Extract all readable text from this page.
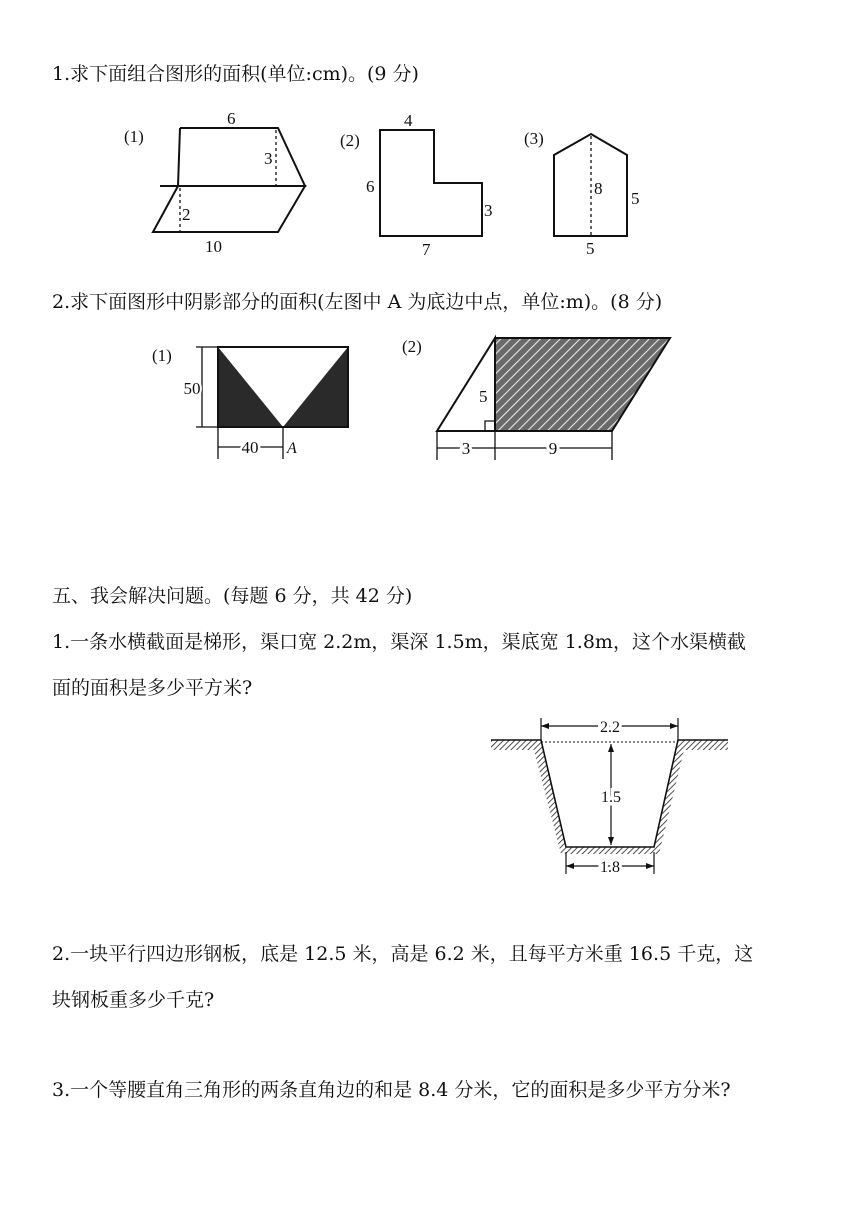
1.求下面组合图形的面积(单位:cm)。(9 分)
(1)
6
3
2
10
(2)
4
6
3
7
(3)
8
5
5
2.求下面图形中阴影部分的面积(左图中 A 为底边中点，单位:m)。(8 分)
(1)
50
40 A
(2)
5
3	9
五、我会解决问题。(每题 6 分，共 42 分)
1.一条水横截面是梯形，渠口宽 2.2m，渠深 1.5m，渠底宽 1.8m，这个水渠横截
面的面积是多少平方米?
2.2
1.5
1.8
2.一块平行四边形钢板，底是 12.5 米，高是 6.2 米，且每平方米重 16.5 千克，这
块钢板重多少千克?
3.一个等腰直角三角形的两条直角边的和是 8.4 分米，它的面积是多少平方分米?
